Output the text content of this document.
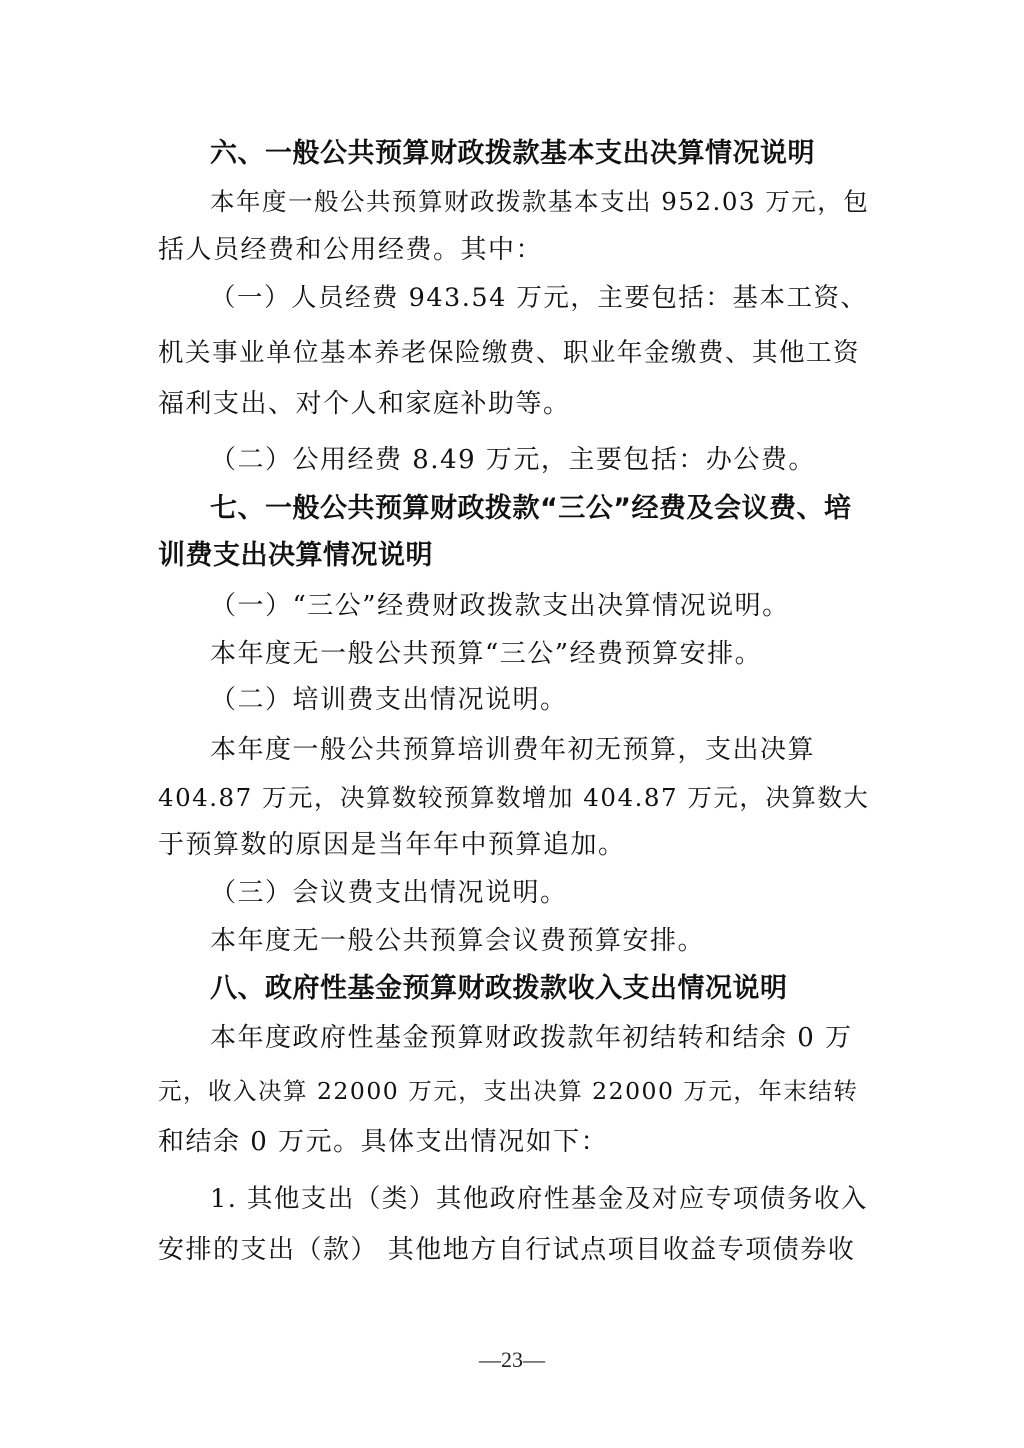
六、一般公共预算财政拨款基本支出决算情况说明
本年度一般公共预算财政拨款基本支出 952.03 万元，包
括人员经费和公用经费。其中：
（一）人员经费 943.54 万元，主要包括：基本工资、
机关事业单位基本养老保险缴费、职业年金缴费、其他工资
福利支出、对个人和家庭补助等。
（二）公用经费 8.49 万元，主要包括：办公费。
七、一般公共预算财政拨款“三公”经费及会议费、培
训费支出决算情况说明
（一）“三公”经费财政拨款支出决算情况说明。
本年度无一般公共预算“三公”经费预算安排。
（二）培训费支出情况说明。
本年度一般公共预算培训费年初无预算，支出决算
404.87 万元，决算数较预算数增加 404.87 万元，决算数大
于预算数的原因是当年年中预算追加。
（三）会议费支出情况说明。
本年度无一般公共预算会议费预算安排。
八、政府性基金预算财政拨款收入支出情况说明
本年度政府性基金预算财政拨款年初结转和结余 0 万
元，收入决算 22000 万元，支出决算 22000 万元，年末结转
和结余 0 万元。具体支出情况如下：
1. 其他支出（类）其他政府性基金及对应专项债务收入
安排的支出（款） 其他地方自行试点项目收益专项债券收
—23—
